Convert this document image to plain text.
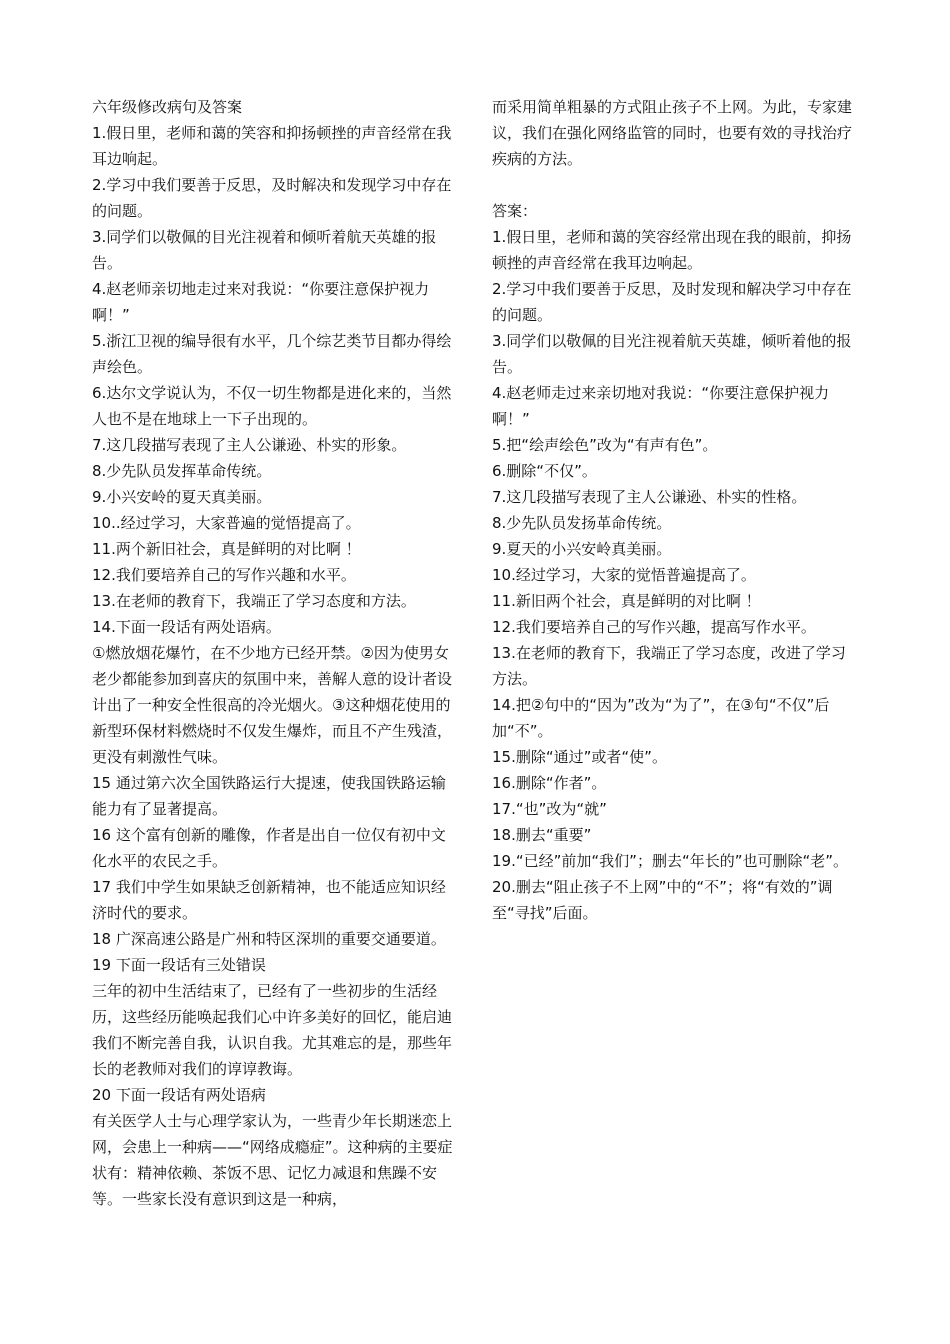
六年级修改病句及答案

1.假日里，老师和蔼的笑容和抑扬顿挫的声音经常在我耳边响起。

2.学习中我们要善于反思，及时解决和发现学习中存在的问题。

3.同学们以敬佩的目光注视着和倾听着航天英雄的报告。

4.赵老师亲切地走过来对我说：“你要注意保护视力啊！”

5.浙江卫视的编导很有水平，几个综艺类节目都办得绘声绘色。

6.达尔文学说认为，不仅一切生物都是进化来的，当然人也不是在地球上一下子出现的。

7.这几段描写表现了主人公谦逊、朴实的形象。

8.少先队员发挥革命传统。

9.小兴安岭的夏天真美丽。

10..经过学习，大家普遍的觉悟提高了。

11.两个新旧社会，真是鲜明的对比啊 ！

12.我们要培养自己的写作兴趣和水平。

13.在老师的教育下，我端正了学习态度和方法。

14.下面一段话有两处语病。

①燃放烟花爆竹，在不少地方已经开禁。②因为使男女老少都能参加到喜庆的氛围中来，善解人意的设计者设计出了一种安全性很高的冷光烟火。③这种烟花使用的新型环保材料燃烧时不仅发生爆炸，而且不产生残渣，更没有刺激性气味。

15 通过第六次全国铁路运行大提速，使我国铁路运输能力有了显著提高。

16 这个富有创新的雕像，作者是出自一位仅有初中文化水平的农民之手。

17 我们中学生如果缺乏创新精神，也不能适应知识经济时代的要求。

18 广深高速公路是广州和特区深圳的重要交通要道。

19 下面一段话有三处错误

三年的初中生活结束了，已经有了一些初步的生活经历，这些经历能唤起我们心中许多美好的回忆，能启迪我们不断完善自我，认识自我。尤其难忘的是，那些年长的老教师对我们的谆谆教诲。

20 下面一段话有两处语病

有关医学人士与心理学家认为，一些青少年长期迷恋上网，会患上一种病——“网络成瘾症”。这种病的主要症状有：精神依赖、茶饭不思、记忆力减退和焦躁不安等。一些家长没有意识到这是一种病，

而采用简单粗暴的方式阻止孩子不上网。为此，专家建议，我们在强化网络监管的同时，也要有效的寻找治疗疾病的方法。

答案：

1.假日里，老师和蔼的笑容经常出现在我的眼前，抑扬顿挫的声音经常在我耳边响起。

2.学习中我们要善于反思，及时发现和解决学习中存在的问题。

3.同学们以敬佩的目光注视着航天英雄，倾听着他的报告。

4.赵老师走过来亲切地对我说：“你要注意保护视力啊！”

5.把“绘声绘色”改为“有声有色”。

6.删除“不仅”。

7.这几段描写表现了主人公谦逊、朴实的性格。

8.少先队员发扬革命传统。

9.夏天的小兴安岭真美丽。

10.经过学习，大家的觉悟普遍提高了。

11.新旧两个社会，真是鲜明的对比啊 ！

12.我们要培养自己的写作兴趣，提高写作水平。

13.在老师的教育下，我端正了学习态度，改进了学习方法。

14.把②句中的“因为”改为“为了”，在③句“不仅”后加“不”。

15.删除“通过”或者“使”。

16.删除“作者”。

17.“也”改为“就”

18.删去“重要”

19.“已经”前加“我们”；删去“年长的”也可删除“老”。

20.删去“阻止孩子不上网”中的“不”；将“有效的”调至“寻找”后面。
